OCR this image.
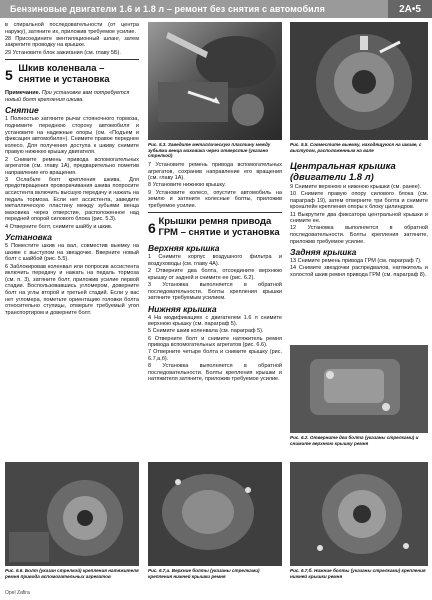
Бензиновые двигатели 1.6 и 1.8 л – ремонт без снятия с автомобиля	2A•5

в спиральной последовательности (от центра наружу), затяните их, приложив требуемое усилие.

28 Присоедините вентиляционный шланг, затем закрепите проводку на крышке.

29 Установите блок зажигания (см. главу 5Б).

5 Шкив коленвала – снятие и установка

Примечание. При установке вам потребуется новый болт крепления шкива.

Снятие

1 Полностью затяните рычаг стояночного тормоза, поднимите переднюю сторону автомобиля и установите на надежные опоры (см. «Подъем и фиксация автомобиля»). Снимите правое переднее колесо. Для получения доступа к шкиву снимите правую нижнюю крышку двигателя.

2 Снимите ремень привода вспомогательных агрегатов (см. главу 1А), предварительно пометив направление его вращения.

3 Ослабьте болт крепления шкива. Для предотвращения проворачивания шкива попросите ассистента включить высшую передачу и нажать на педаль тормоза. Если нет ассистента, заведите металлическую пластину между зубьями венца маховика через отверстие, расположенное над передней опорой силового блока (рис. 5.3).

4 Отверните болт, снимите шайбу и шкив.

Установка

5 Поместите шкив на вал, совместив выемку на шкиве с выступом на звездочке. Вверните новый болт с шайбой (рис. 5.5).

6 Заблокировав коленвал или попросив ассистента включить передачу и нажать на педаль тормоза (см. п. 3), затяните болт, приложив усилие первой стадии. Воспользовавшись угломером, доверните болт на углы второй и третьей стадий. Если у вас нет угломера, пометьте ориентацию головки болта относительно ступицы, отмерьте требуемый угол транспортиром и доверните болт.

Рис. 5.3. Заведите металлическую пластину между зубьями венца маховика через отверстие (указано стрелкой)

7 Установите ремень привода вспомогательных агрегатов, сохранив направление его вращения (см. главу 1А).

8 Установите нижнюю крышку.

9 Установите колесо, опустите автомобиль на землю и затяните колесные болты, приложив требуемое усилие.

6 Крышки ремня привода ГРМ – снятие и установка
Верхняя крышка

1 Снимите корпус воздушного фильтра и воздуховоды (см. главу 4А).

2 Отверните два болта, отсоедините верхнюю крышку от задней и снимите ее (рис. 6.2).

3 Установка выполняется в обратной последовательности. Болты крепления крышки затяните требуемым усилием.

Нижняя крышка

4 На модификациях с двигателем 1.6 л снимите верхнюю крышку (см. параграф 5).

5 Снимите шкив коленвала (см. параграф 5).

6 Отверните болт и снимите натяжитель ремня привода вспомогательных агрегатов (рис. 6.6).

7 Отверните четыре болта и снимите крышку (рис. 6.7,а,б).

8 Установка выполняется в обратной последовательности. Болты крепления крышки и натяжителя затяните, приложив требуемое усилие.

Рис. 5.5. Совместите выемку, находящуюся на шкиве, с выступом, расположенным на вале
Центральная крышка (двигатели 1.8 л)

9 Снимите верхнюю и нижнюю крышки (см. ранее).

10 Снимите правую опору силового блока (см. параграф 19), затем отверните три болта и снимите кронштейн крепления опоры к блоку цилиндров.

11 Выкрутите два фиксатора центральной крышки и снимите ее.

12 Установка выполняется в обратной последовательности. Болты крепления затяните, приложив требуемое усилие.

Задняя крышка

13 Снимите ремень привода ГРМ (см. параграф 7).

14 Снимите звездочки распредвалов, натяжитель и холостой шкив ремня привода ГРМ (см. параграф 8).

Рис. 6.2. Отверните два болта (указаны стрелками) и снимите верхнюю крышку ремня
Рис. 6.6. Болт (указан стрелкой) крепления натяжителя ремня привода вспомогательных агрегатов
Рис. 6.7,а. Верхние болты (указаны стрелками) крепления нижней крышки ремня
Рис. 6.7,б. Нижние болты (указаны стрелками) крепления нижней крышки ремня
Opel Zafira
